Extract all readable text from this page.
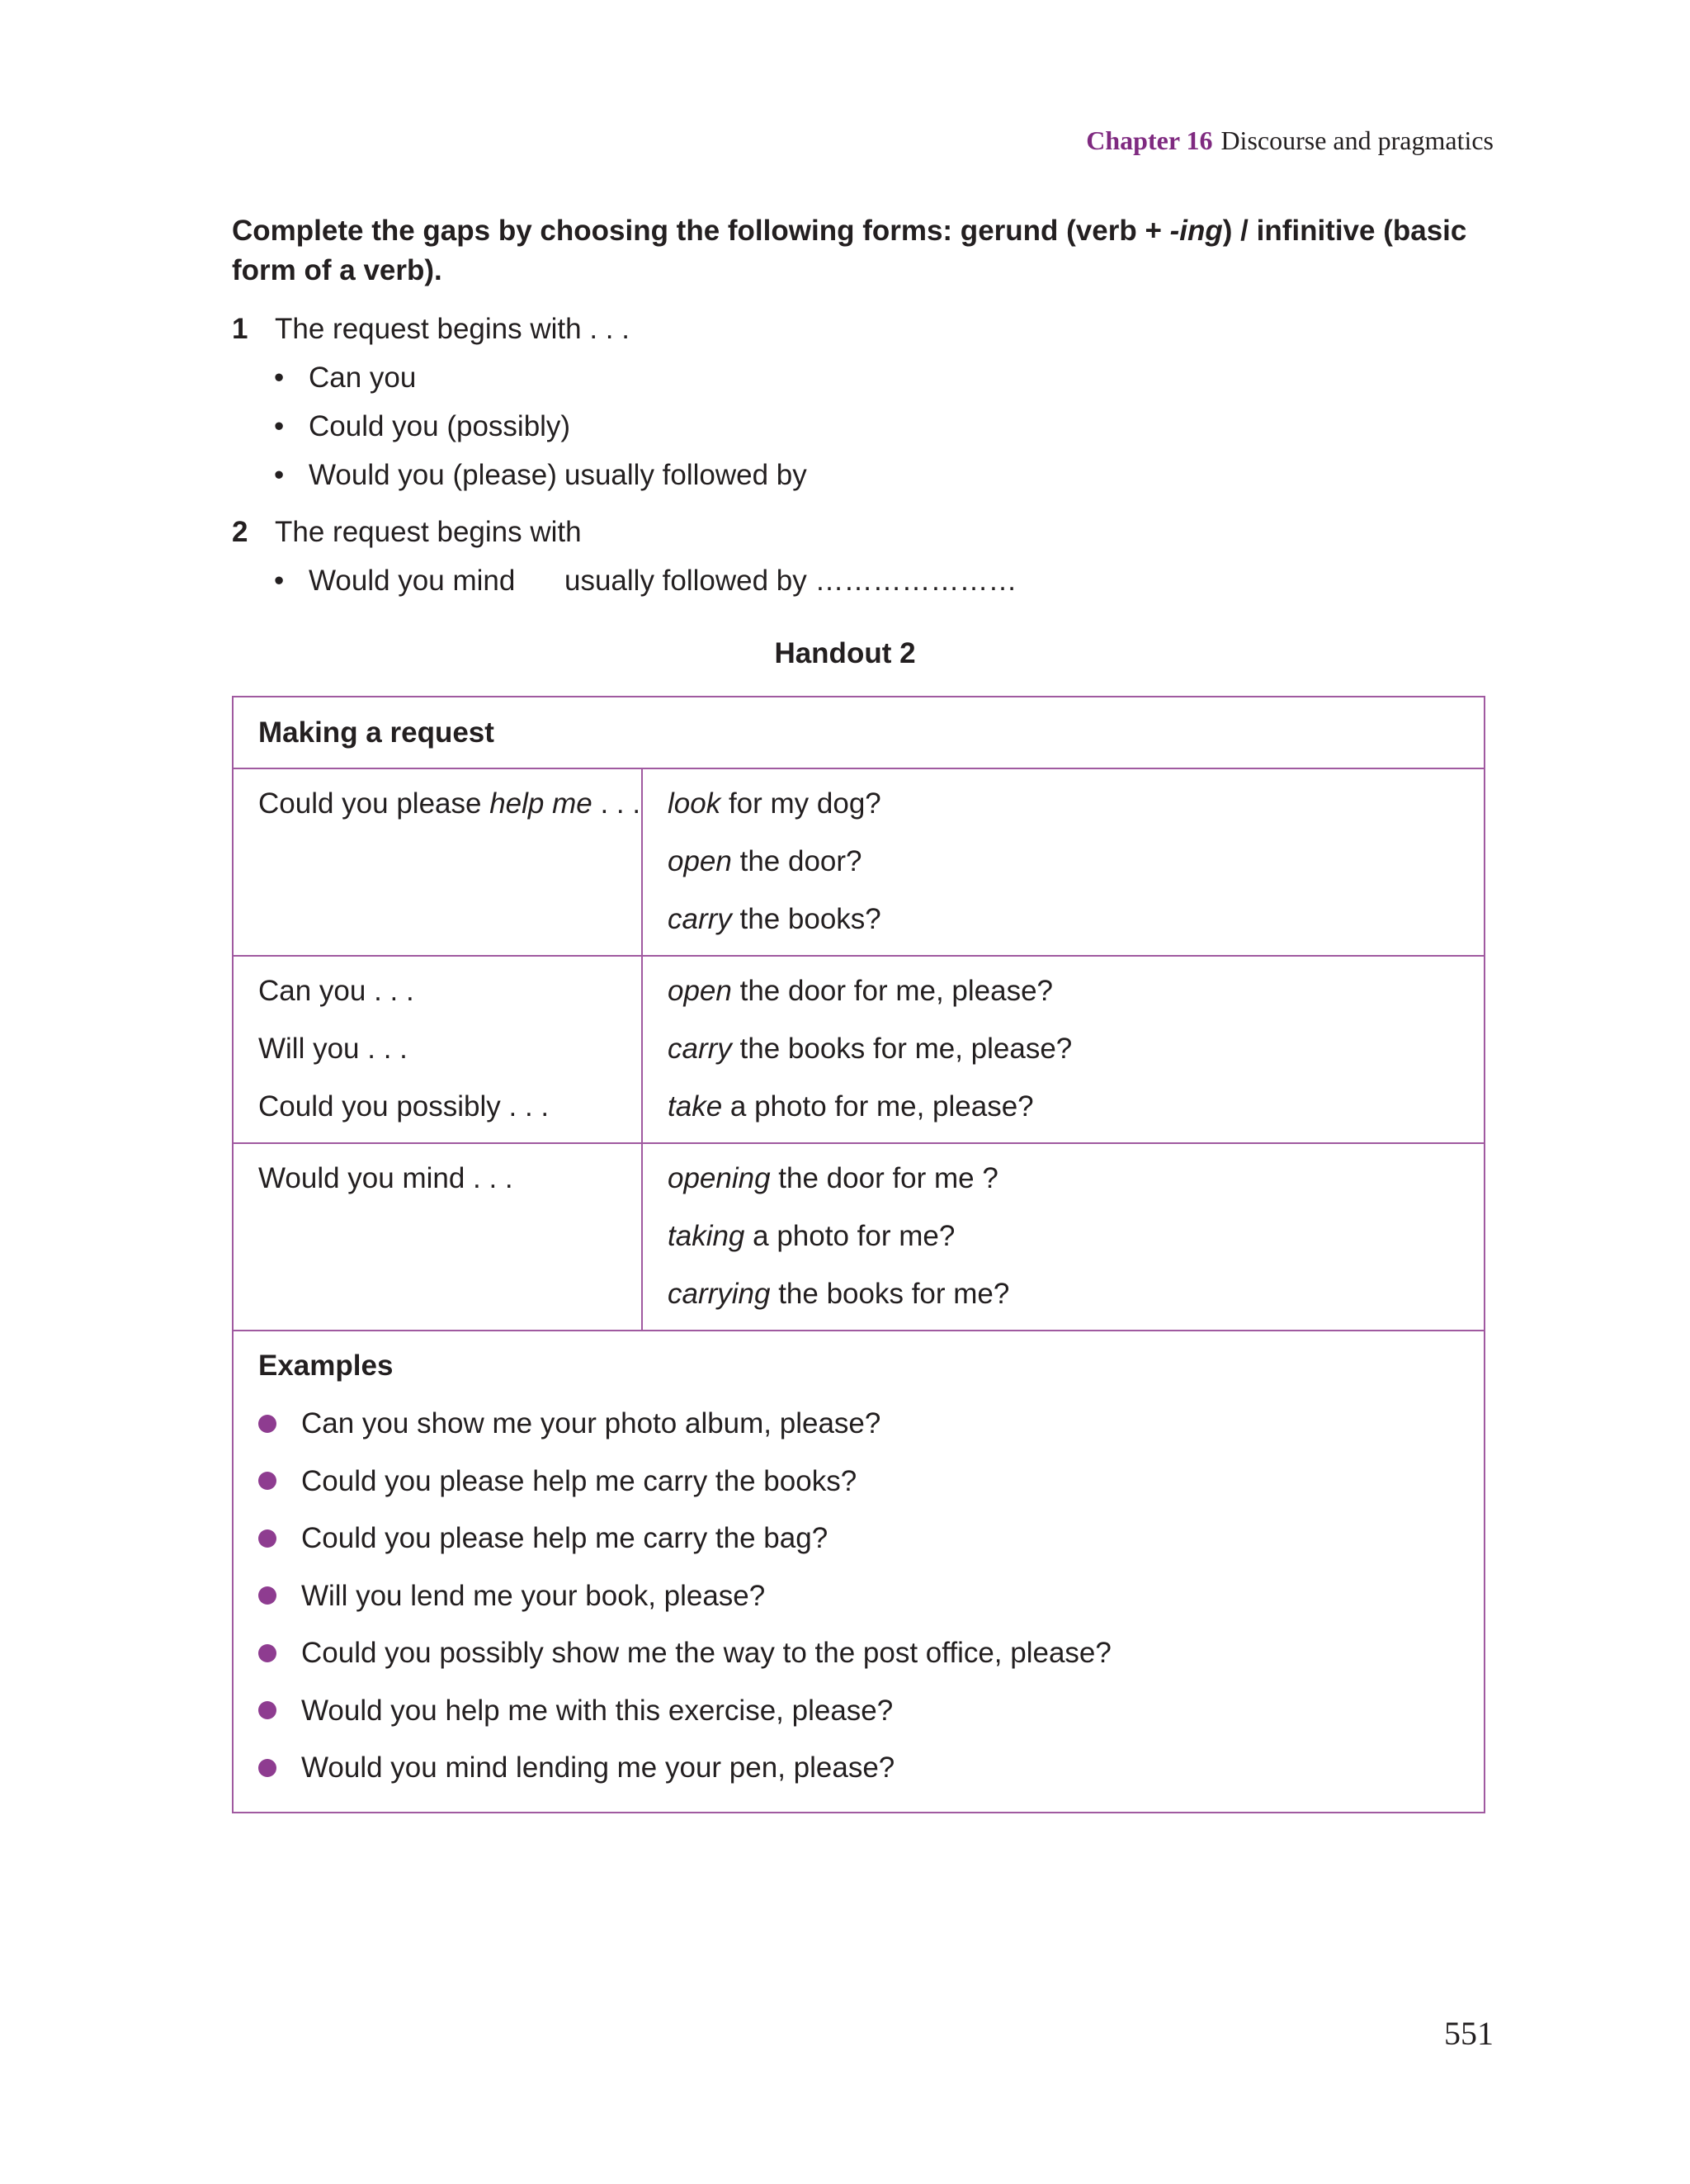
Chapter 16 Discourse and pragmatics

Complete the gaps by choosing the following forms: gerund (verb + -ing) / infinitive (basic form of a verb).

1 The request begins with . . .
• Can you
• Could you (possibly)
• Would you (please) usually followed by
2 The request begins with
• Would you mind usually followed by …………………
Handout 2
Making a request
Could you please help me . . . look for my dog?
open the door?
carry the books?
Can you . . .
Will you . . .
Could you possibly . . .
open the door for me, please?
carry the books for me, please?
take a photo for me, please?
Would you mind . . .	opening the door for me ?
taking a photo for me?
carrying the books for me?
Examples
Can you show me your photo album, please?
Could you please help me carry the books?
Could you please help me carry the bag?
Will you lend me your book, please?
Could you possibly show me the way to the post office, please?
Would you help me with this exercise, please?
Would you mind lending me your pen, please?
551
